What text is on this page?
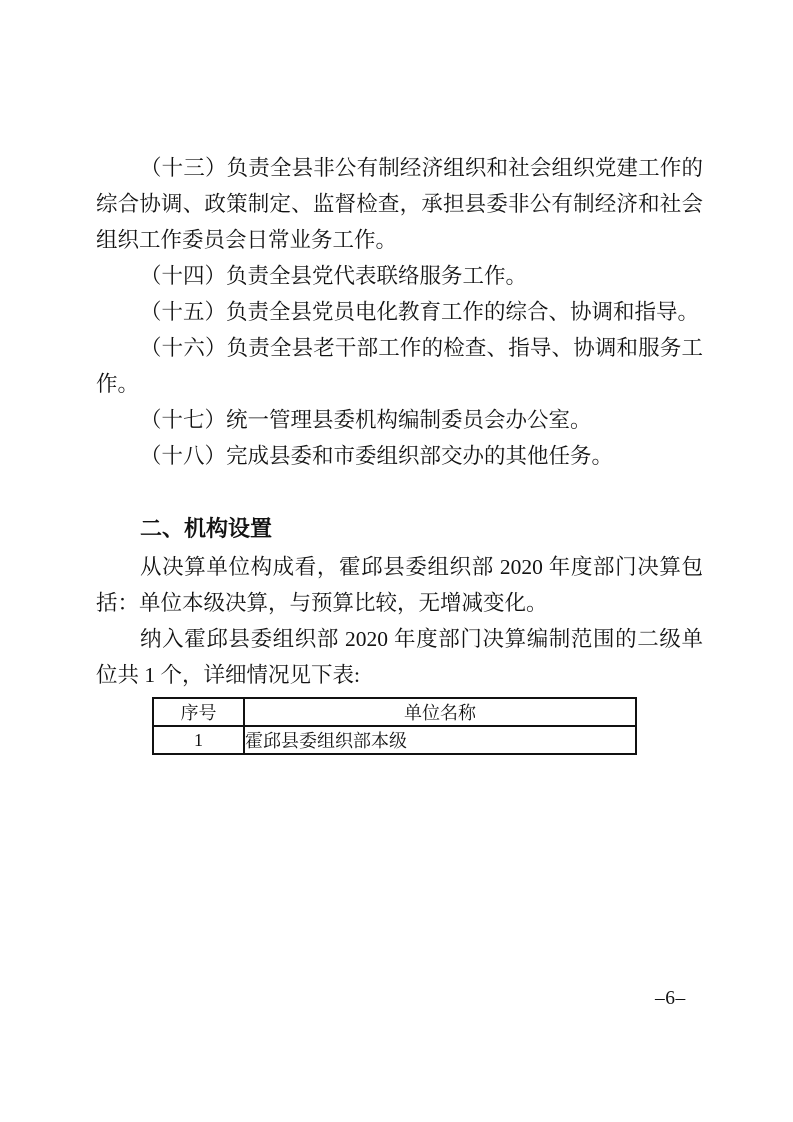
（十三）负责全县非公有制经济组织和社会组织党建工作的综合协调、政策制定、监督检查，承担县委非公有制经济和社会组织工作委员会日常业务工作。

（十四）负责全县党代表联络服务工作。

（十五）负责全县党员电化教育工作的综合、协调和指导。

（十六）负责全县老干部工作的检查、指导、协调和服务工作。

（十七）统一管理县委机构编制委员会办公室。

（十八）完成县委和市委组织部交办的其他任务。

二、机构设置

从决算单位构成看，霍邱县委组织部 2020 年度部门决算包括：单位本级决算，与预算比较，无增减变化。

纳入霍邱县委组织部 2020 年度部门决算编制范围的二级单位共 1 个，详细情况见下表:

序号	单位名称
1	霍邱县委组织部本级
–6–
